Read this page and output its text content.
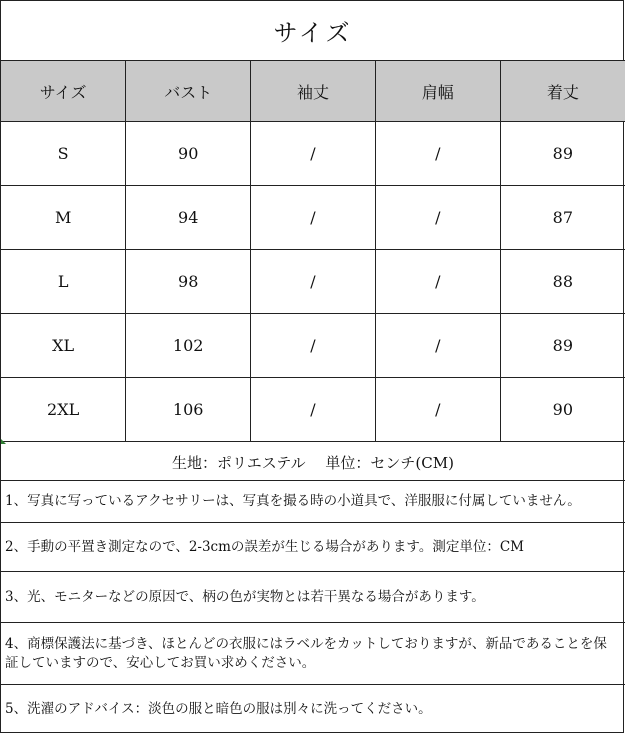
サイズ
サイズ	バスト	袖丈	肩幅	着丈
S	90	/	/	89
M	94	/	/	87
L	98	/	/	88
XL	102	/	/	89
2XL	106	/	/	90
生地：ポリエステル　 単位：センチ(CM)
1、写真に写っているアクセサリーは、写真を撮る時の小道具で、洋服服に付属していません。
2、手動の平置き測定なので、2-3cmの誤差が生じる場合があります。測定単位：CM
3、光、モニターなどの原因で、柄の色が実物とは若干異なる場合があります。
4、商標保護法に基づき、ほとんどの衣服にはラベルをカットしておりますが、新品であることを保証していますので、安心してお買い求めください。
5、洗濯のアドバイス：淡色の服と暗色の服は別々に洗ってください。
